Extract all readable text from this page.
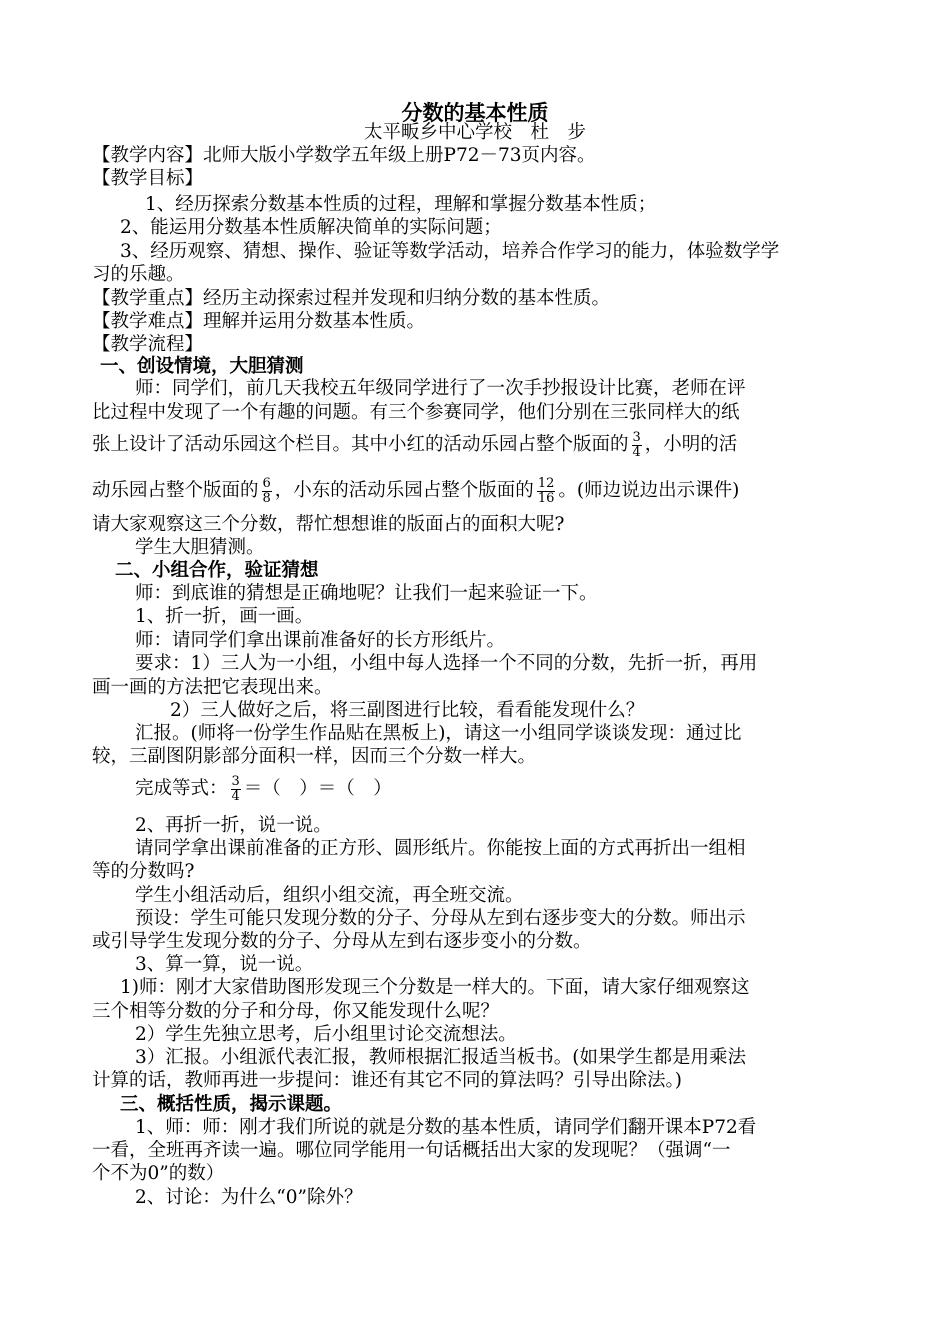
分数的基本性质
太平畈乡中心学校　杜　步
【教学内容】北师大版小学数学五年级上册P72－73页内容。
【教学目标】
1、经历探索分数基本性质的过程，理解和掌握分数基本性质；
2、能运用分数基本性质解决简单的实际问题；
3、经历观察、猜想、操作、验证等数学活动，培养合作学习的能力，体验数学学
习的乐趣。
【教学重点】经历主动探索过程并发现和归纳分数的基本性质。
【教学难点】理解并运用分数基本性质。
【教学流程】
一、创设情境，大胆猜测
师：同学们，前几天我校五年级同学进行了一次手抄报设计比赛，老师在评
比过程中发现了一个有趣的问题。有三个参赛同学，他们分别在三张同样大的纸
张上设计了活动乐园这个栏目。其中小红的活动乐园占整个版面的 $\frac{3}{4}$ ，小明的活
动乐园占整个版面的 $\frac{6}{8}$ ，小东的活动乐园占整个版面的 $\frac{12}{16}$ 。(师边说边出示课件)
请大家观察这三个分数，帮忙想想谁的版面占的面积大呢?
学生大胆猜测。
二、小组合作，验证猜想
师：到底谁的猜想是正确地呢？让我们一起来验证一下。
1、折一折，画一画。
师：请同学们拿出课前准备好的长方形纸片。
要求：1）三人为一小组，小组中每人选择一个不同的分数，先折一折，再用
画一画的方法把它表现出来。
2）三人做好之后，将三副图进行比较，看看能发现什么？
汇报。(师将一份学生作品贴在黑板上)，请这一小组同学谈谈发现：通过比
较，三副图阴影部分面积一样，因而三个分数一样大。
完成等式： $\frac{3}{4}$ ＝（　）＝（　）
2、再折一折，说一说。
请同学拿出课前准备的正方形、圆形纸片。你能按上面的方式再折出一组相
等的分数吗?
学生小组活动后，组织小组交流，再全班交流。
预设：学生可能只发现分数的分子、分母从左到右逐步变大的分数。师出示
或引导学生发现分数的分子、分母从左到右逐步变小的分数。
3、算一算，说一说。
1)师：刚才大家借助图形发现三个分数是一样大的。下面，请大家仔细观察这
三个相等分数的分子和分母，你又能发现什么呢？
2）学生先独立思考，后小组里讨论交流想法。
3）汇报。小组派代表汇报，教师根据汇报适当板书。(如果学生都是用乘法
计算的话，教师再进一步提问：谁还有其它不同的算法吗？引导出除法。)
三、概括性质，揭示课题。
1、师：师：刚才我们所说的就是分数的基本性质，请同学们翻开课本P72看
一看，全班再齐读一遍。哪位同学能用一句话概括出大家的发现呢？（强调“一
个不为0”的数）
2、讨论：为什么“0”除外？
